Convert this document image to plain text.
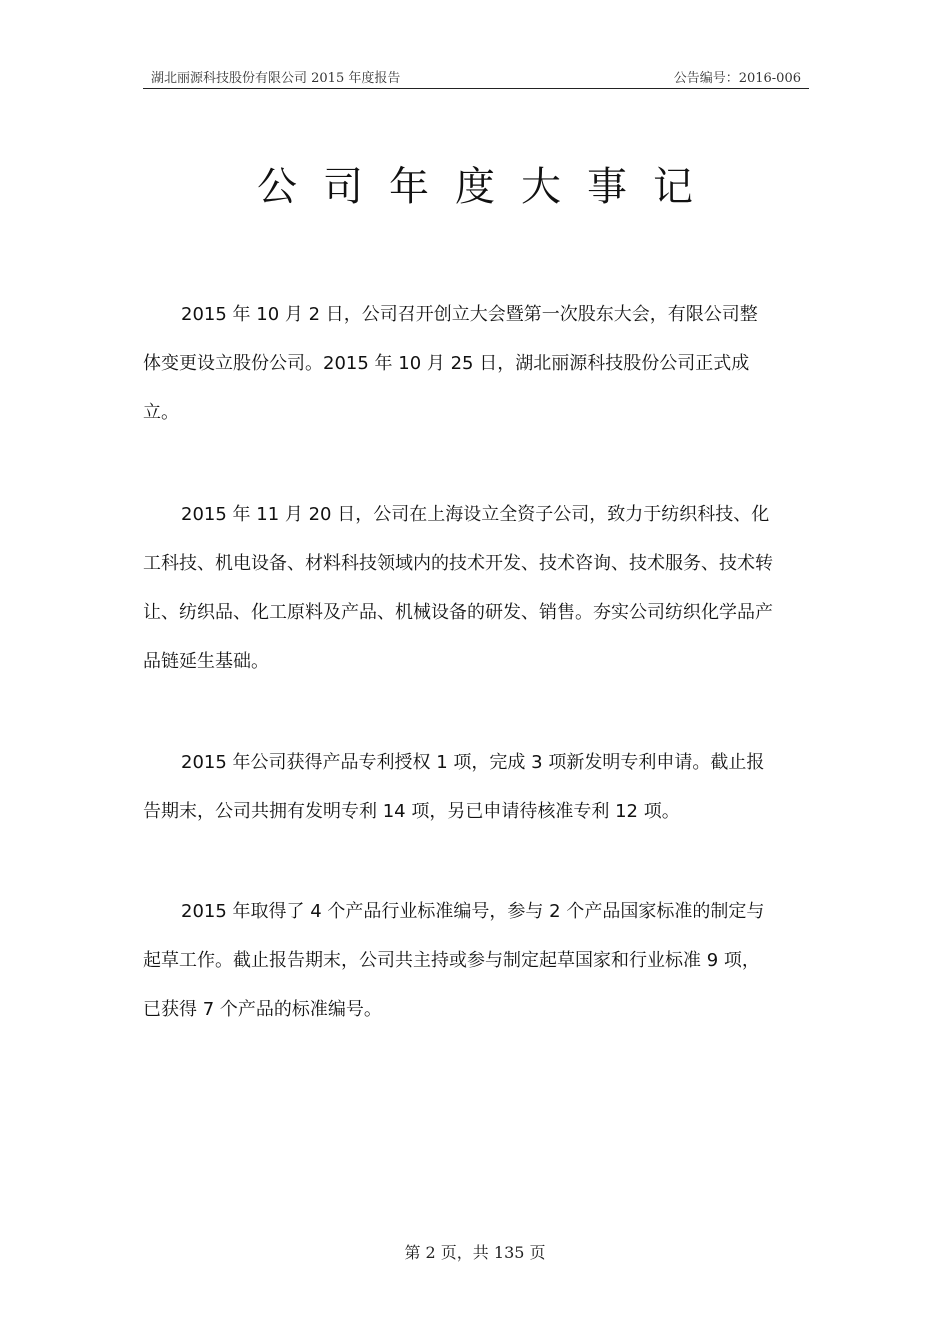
湖北丽源科技股份有限公司 2015 年度报告	公告编号：2016-006
公司年度大事记

2015 年 10 月 2 日，公司召开创立大会暨第一次股东大会，有限公司整体变更设立股份公司。2015 年 10 月 25 日，湖北丽源科技股份公司正式成立。

2015 年 11 月 20 日，公司在上海设立全资子公司，致力于纺织科技、化工科技、机电设备、材料科技领域内的技术开发、技术咨询、技术服务、技术转让、纺织品、化工原料及产品、机械设备的研发、销售。夯实公司纺织化学品产品链延生基础。

2015 年公司获得产品专利授权 1 项，完成 3 项新发明专利申请。截止报告期末，公司共拥有发明专利 14 项，另已申请待核准专利 12 项。

2015 年取得了 4 个产品行业标准编号，参与 2 个产品国家标准的制定与起草工作。截止报告期末，公司共主持或参与制定起草国家和行业标准 9 项，已获得 7 个产品的标准编号。

第 2 页，共 135 页
